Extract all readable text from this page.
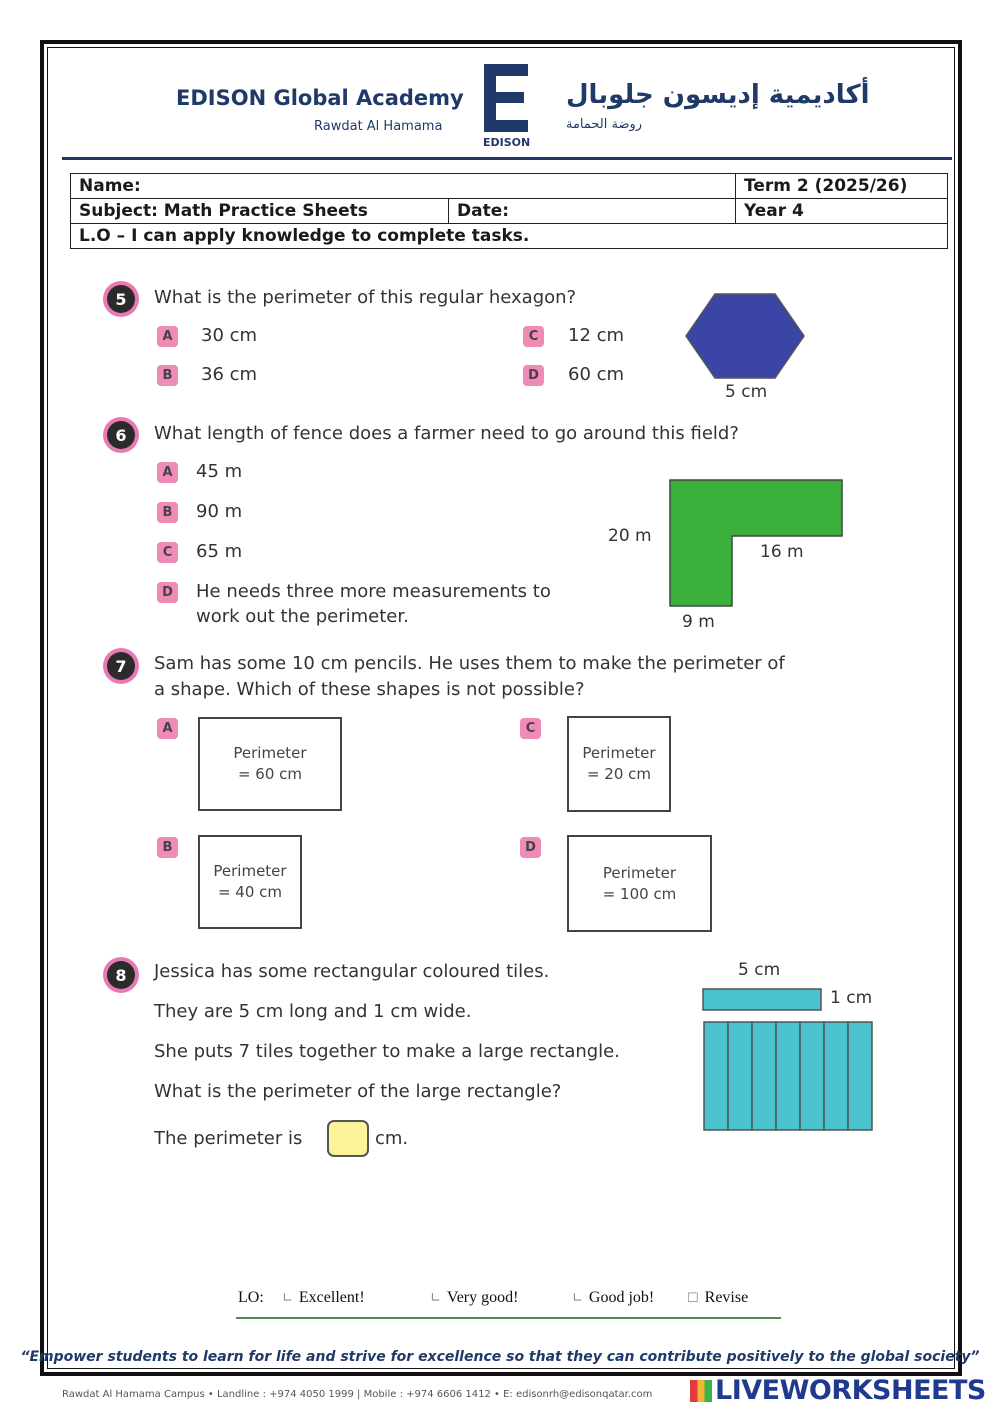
EDISON Global Academy
Rawdat Al Hamama
EDISON
أكاديمية إديسون جلوبال
روضة الحمامة
Name:		Term 2 (2025/26)
Subject: Math Practice Sheets	Date:	Year 4
L.O – I can apply knowledge to complete tasks.		
5	What is the perimeter of this regular hexagon?
A	30 cm
B	36 cm
C	12 cm
D 60 cm
5 cm
6	What length of fence does a farmer need to go around this field?
A	45 m
B	90 m
C	65 m
D He needs three more measurements to
work out the perimeter.
20 m
16 m
9 m
7	Sam has some 10 cm pencils. He uses them to make the perimeter of
a shape. Which of these shapes is not possible?
A
Perimeter
= 60 cm
B
Perimeter
= 40 cm
C
Perimeter
= 20 cm
D
Perimeter
= 100 cm
8	Jessica has some rectangular coloured tiles.
They are 5 cm long and 1 cm wide.
She puts 7 tiles together to make a large rectangle.
What is the perimeter of the large rectangle?
The perimeter is	cm.
5 cm
1 cm
LO: ∟ Excellent!	∟ Very good!	∟ Good job!	☐ Revise
“Empower students to learn for life and strive for excellence so that they can contribute positively to the global society”
Rawdat Al Hamama Campus • Landline : +974 4050 1999 | Mobile : +974 6606 1412 • E: edisonrh@edisonqatar.com	LIVEWORKSHEETS
